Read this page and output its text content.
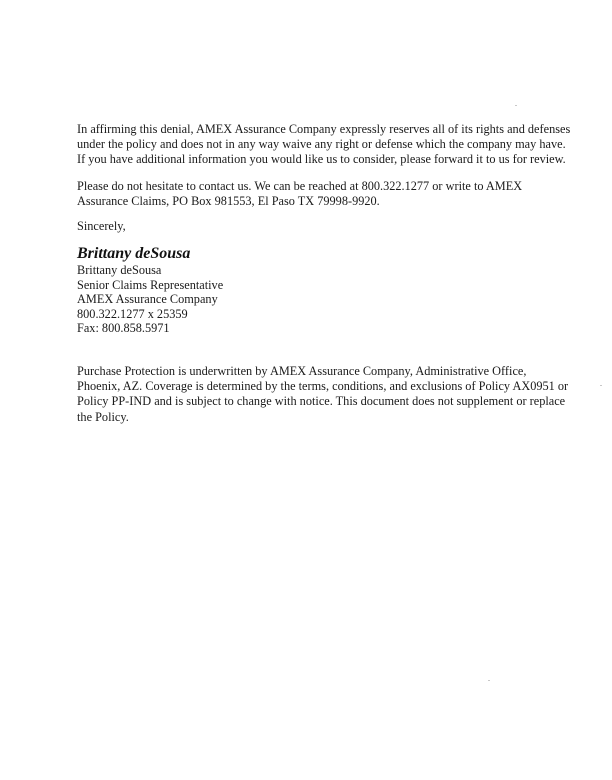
In affirming this denial, AMEX Assurance Company expressly reserves all of its rights and defenses
under the policy and does not in any way waive any right or defense which the company may have.
If you have additional information you would like us to consider, please forward it to us for review.
Please do not hesitate to contact us. We can be reached at 800.322.1277 or write to AMEX
Assurance Claims, PO Box 981553, El Paso TX 79998-9920.
Sincerely,
Brittany deSousa
Brittany deSousa
Senior Claims Representative
AMEX Assurance Company
800.322.1277 x 25359
Fax: 800.858.5971
Purchase Protection is underwritten by AMEX Assurance Company, Administrative Office,
Phoenix, AZ. Coverage is determined by the terms, conditions, and exclusions of Policy AX0951 or
Policy PP-IND and is subject to change with notice. This document does not supplement or replace
the Policy.
